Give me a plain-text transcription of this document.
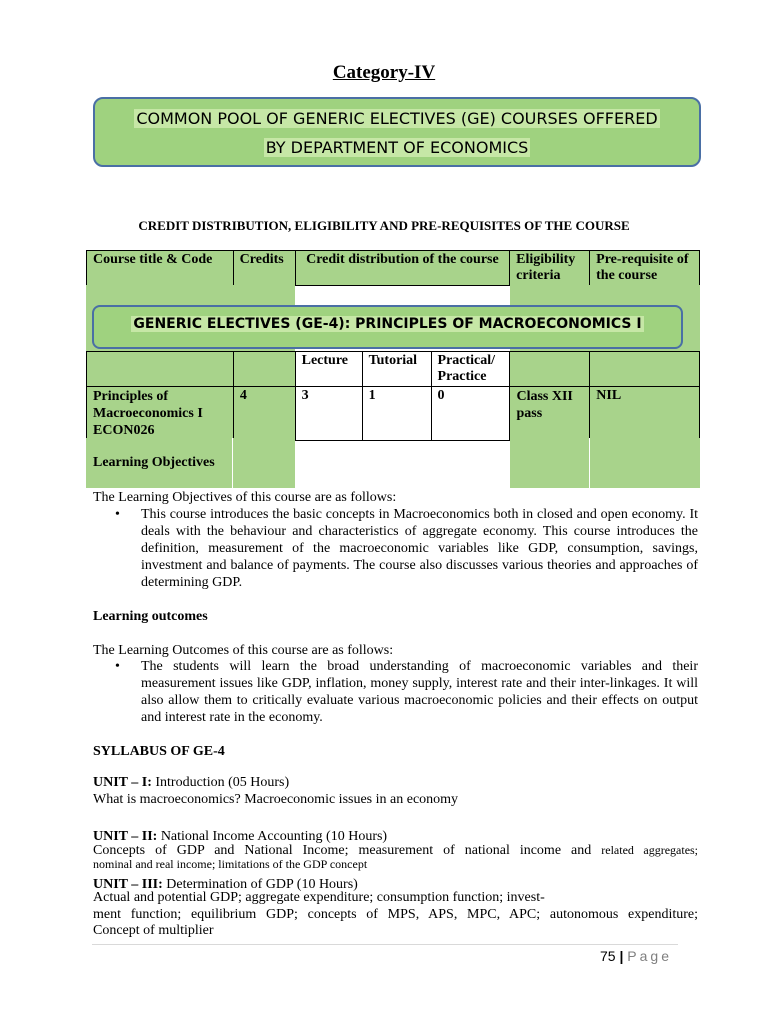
Category-IV
COMMON POOL OF GENERIC ELECTIVES (GE) COURSES OFFERED
BY DEPARTMENT OF ECONOMICS
CREDIT DISTRIBUTION, ELIGIBILITY AND PRE-REQUISITES OF THE COURSE
Course title & Code	Credits	Credit distribution of the course	Eligibility criteria	Pre-requisite of the course
GENERIC ELECTIVES (GE-4): PRINCIPLES OF MACROECONOMICS I
		Lecture	Tutorial	Practical/ Practice		
Principles of Macroeconomics I ECON026	4	3	1	0	Class XII pass	NIL
Learning Objectives
The Learning Objectives of this course are as follows:
• This course introduces the basic concepts in Macroeconomics both in closed and open economy. It deals with the behaviour and characteristics of aggregate economy. This course introduces the definition, measurement of the macroeconomic variables like GDP, consumption, savings, investment and balance of payments. The course also discusses various theories and approaches of determining GDP.
Learning outcomes
The Learning Outcomes of this course are as follows:
• The students will learn the broad understanding of macroeconomic variables and their measurement issues like GDP, inflation, money supply, interest rate and their inter-linkages. It will also allow them to critically evaluate various macroeconomic policies and their effects on output and interest rate in the economy.
SYLLABUS OF GE-4
UNIT – I: Introduction (05 Hours)
What is macroeconomics? Macroeconomic issues in an economy
UNIT – II: National Income Accounting (10 Hours)
Concepts of GDP and National Income; measurement of national income and related aggregates;
nominal and real income; limitations of the GDP concept
UNIT – III: Determination of GDP (10 Hours)
Actual and potential GDP; aggregate expenditure; consumption function; invest-
ment function; equilibrium GDP; concepts of MPS, APS, MPC, APC; autonomous expenditure;
Concept of multiplier
75 | Page
